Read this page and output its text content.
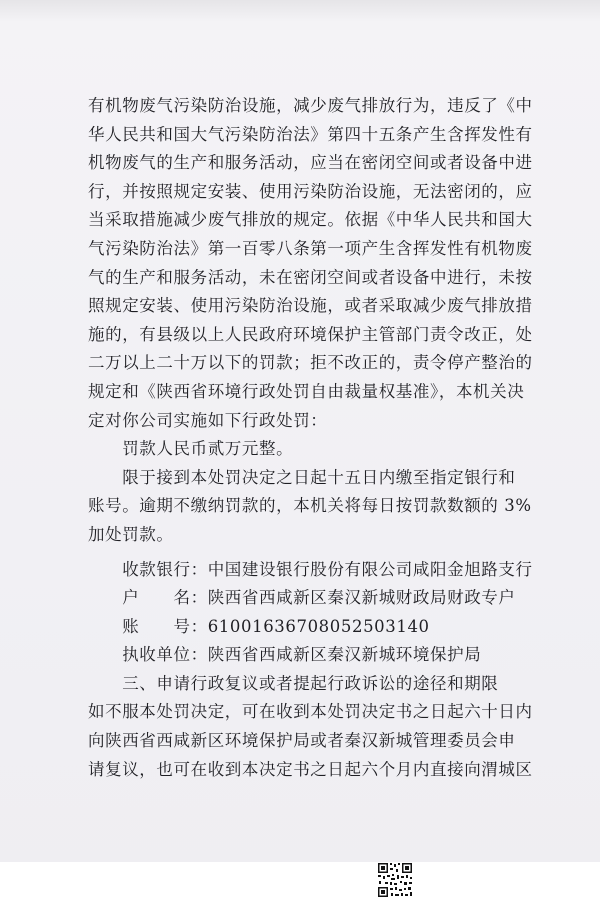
有机物废气污染防治设施，减少废气排放行为，违反了《中
华人民共和国大气污染防治法》第四十五条产生含挥发性有
机物废气的生产和服务活动，应当在密闭空间或者设备中进
行，并按照规定安装、使用污染防治设施，无法密闭的，应
当采取措施减少废气排放的规定。依据《中华人民共和国大
气污染防治法》第一百零八条第一项产生含挥发性有机物废
气的生产和服务活动，未在密闭空间或者设备中进行，未按
照规定安装、使用污染防治设施，或者采取减少废气排放措
施的，有县级以上人民政府环境保护主管部门责令改正，处
二万以上二十万以下的罚款；拒不改正的，责令停产整治的
规定和《陕西省环境行政处罚自由裁量权基准》，本机关决
定对你公司实施如下行政处罚：
　　罚款人民币贰万元整。
　　限于接到本处罚决定之日起十五日内缴至指定银行和
账号。逾期不缴纳罚款的，本机关将每日按罚款数额的 3%
加处罚款。
　　收款银行：中国建设银行股份有限公司咸阳金旭路支行
　　户　　名：陕西省西咸新区秦汉新城财政局财政专户
　　账　　号：61001636708052503140
　　执收单位：陕西省西咸新区秦汉新城环境保护局
　　三、申请行政复议或者提起行政诉讼的途径和期限
如不服本处罚决定，可在收到本处罚决定书之日起六十日内
向陕西省西咸新区环境保护局或者秦汉新城管理委员会申
请复议，也可在收到本决定书之日起六个月内直接向渭城区
